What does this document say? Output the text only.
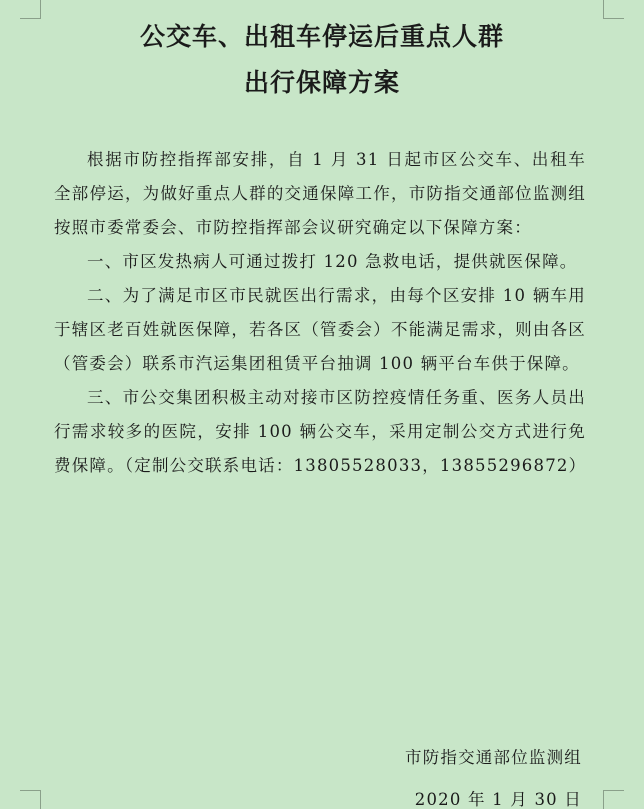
公交车、出租车停运后重点人群
出行保障方案

根据市防控指挥部安排，自 1 月 31 日起市区公交车、出租车全部停运，为做好重点人群的交通保障工作，市防指交通部位监测组按照市委常委会、市防控指挥部会议研究确定以下保障方案：

一、市区发热病人可通过拨打 120 急救电话，提供就医保障。

二、为了满足市区市民就医出行需求，由每个区安排 10 辆车用于辖区老百姓就医保障，若各区（管委会）不能满足需求，则由各区（管委会）联系市汽运集团租赁平台抽调 100 辆平台车供于保障。

三、市公交集团积极主动对接市区防控疫情任务重、医务人员出行需求较多的医院，安排 100 辆公交车，采用定制公交方式进行免费保障。（定制公交联系电话：13805528033，13855296872）

市防指交通部位监测组
2020 年 1 月 30 日
